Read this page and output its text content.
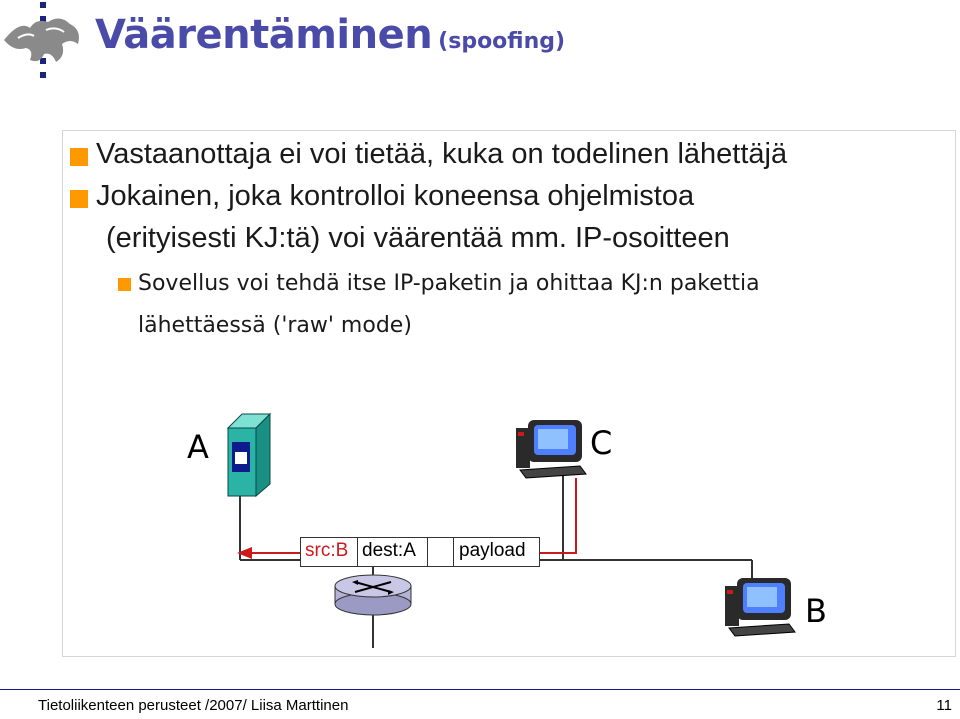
Väärentäminen (spoofing)
Vastaanottaja ei voi tietää, kuka on todelinen lähettäjä
Jokainen, joka kontrolloi koneensa ohjelmistoa
(erityisesti KJ:tä) voi väärentää mm. IP-osoitteen
Sovellus voi tehdä itse IP-paketin ja ohittaa KJ:n pakettia
lähettäessä ('raw' mode)
A	C
B
src:B dest:A payload
Tietoliikenteen perusteet /2007/ Liisa Marttinen	11
